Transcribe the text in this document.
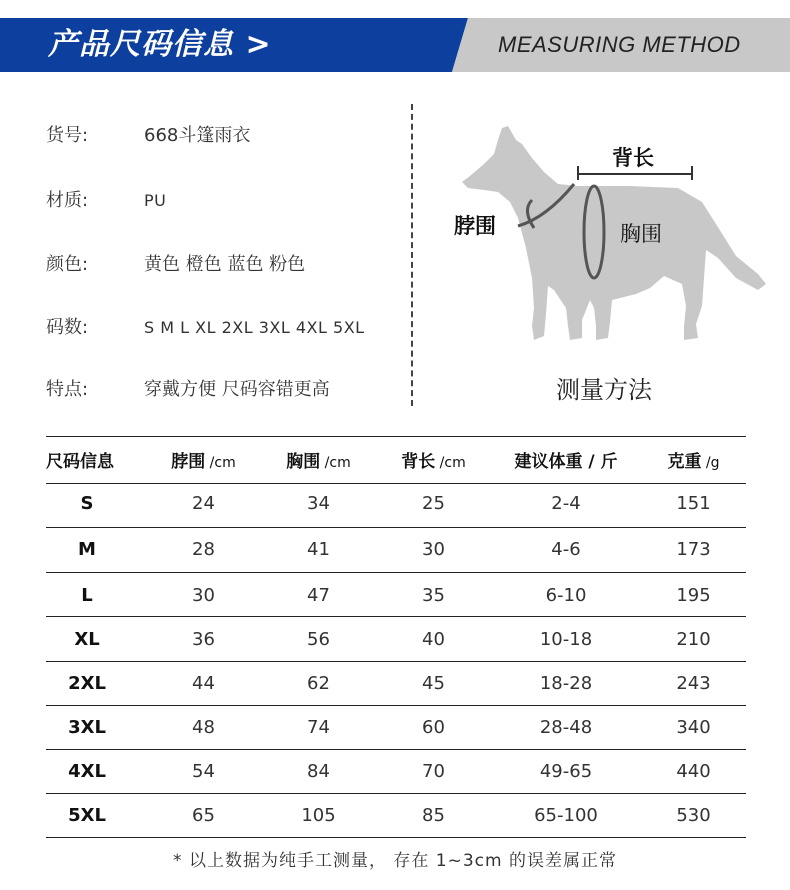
产品尺码信息 >	MEASURING METHOD
货号:	668斗篷雨衣
材质:	PU
颜色:	黄色 橙色 蓝色 粉色
码数:	S M L XL 2XL 3XL 4XL 5XL
特点:	穿戴方便 尺码容错更高
背长
脖围	胸围
测量方法
尺码信息	脖围 /cm	胸围 /cm	背长 /cm	建议体重 / 斤	克重 /g
S	24	34	25	2-4	151
M	28	41	30	4-6	173
L	30	47	35	6-10	195
XL	36	56	40	10-18	210
2XL	44	62	45	18-28	243
3XL	48	74	60	28-48	340
4XL	54	84	70	49-65	440
5XL	65	105	85	65-100	530
* 以上数据为纯手工测量， 存在 1~3cm 的误差属正常
